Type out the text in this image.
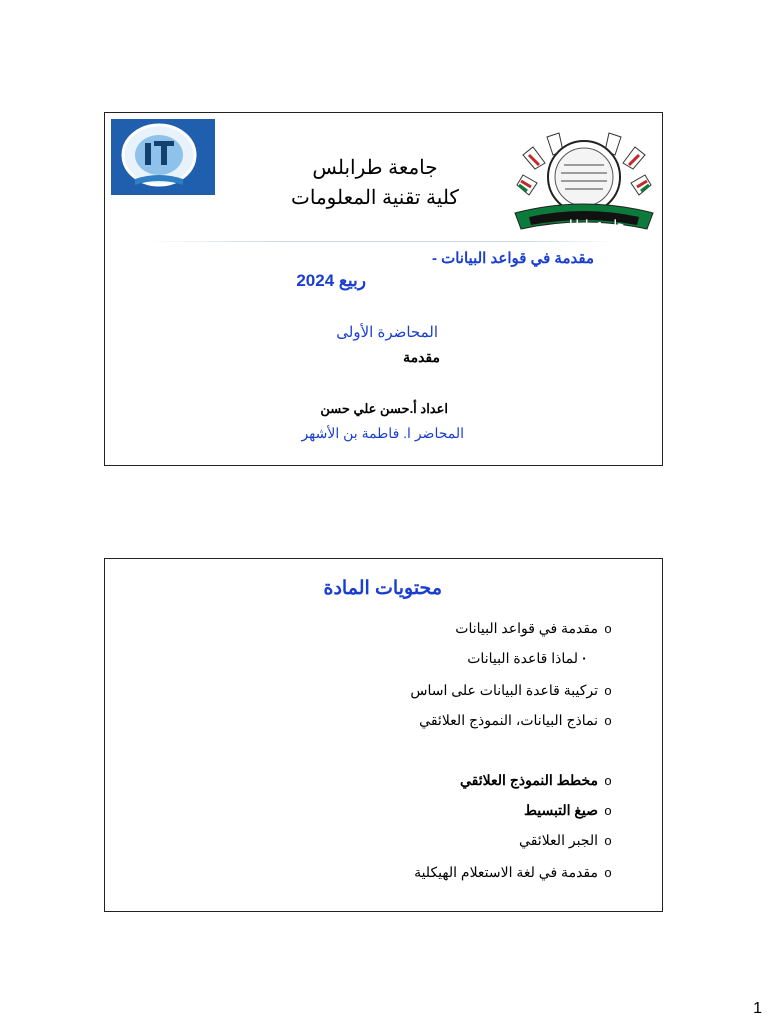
جامعة طرابلس
جامعة طرابلس
كلية تقنية المعلومات
مقدمة في قواعد البيانات -
ربيع 2024
المحاضرة الأولى
مقدمة
اعداد أ.حسن علي حسن
المحاضر ا. فاطمة بن الأشهر
محتويات المادة
o
مقدمة في قواعد البيانات
▪
لماذا قاعدة البيانات
o
تركيبة قاعدة البيانات على اساس
o
نماذج البيانات، النموذج العلائقي
o
مخطط النموذج العلائقي
o
صيغ التبسيط
o
الجبر العلائقي
o
مقدمة في لغة الاستعلام الهيكلية
1
